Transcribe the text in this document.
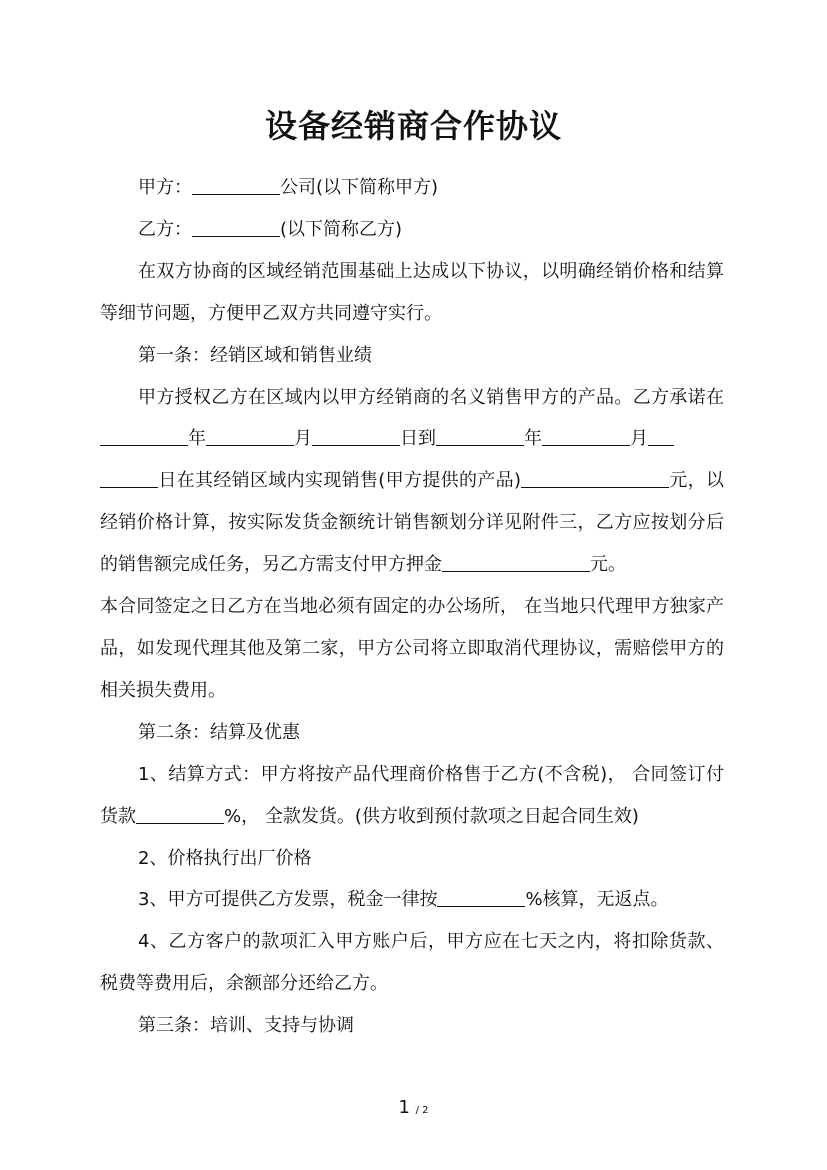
设备经销商合作协议

甲方：	公司(以下简称甲方)

乙方：	(以下简称乙方)

在双方协商的区域经销范围基础上达成以下协议，以明确经销价格和结算等细节问题，方便甲乙双方共同遵守实行。

第一条：经销区域和销售业绩

甲方授权乙方在区域内以甲方经销商的名义销售甲方的产品。乙方承诺在年	月	日到	年	月
日在其经销区域内实现销售(甲方提供的产品)	元，以经销价格计算，按实际发货金额统计销售额划分详见附件三，乙方应按划分后的销售额完成任务，另乙方需支付甲方押金	元。

本合同签定之日乙方在当地必须有固定的办公场所， 在当地只代理甲方独家产品，如发现代理其他及第二家，甲方公司将立即取消代理协议，需赔偿甲方的相关损失费用。

第二条：结算及优惠

1、结算方式：甲方将按产品代理商价格售于乙方(不含税)， 合同签订付货款	%， 全款发货。(供方收到预付款项之日起合同生效)

2、价格执行出厂价格

3、甲方可提供乙方发票，税金一律按	%核算，无返点。

4、乙方客户的款项汇入甲方账户后，甲方应在七天之内，将扣除货款、税费等费用后，余额部分还给乙方。

第三条：培训、支持与协调

1 / 2
